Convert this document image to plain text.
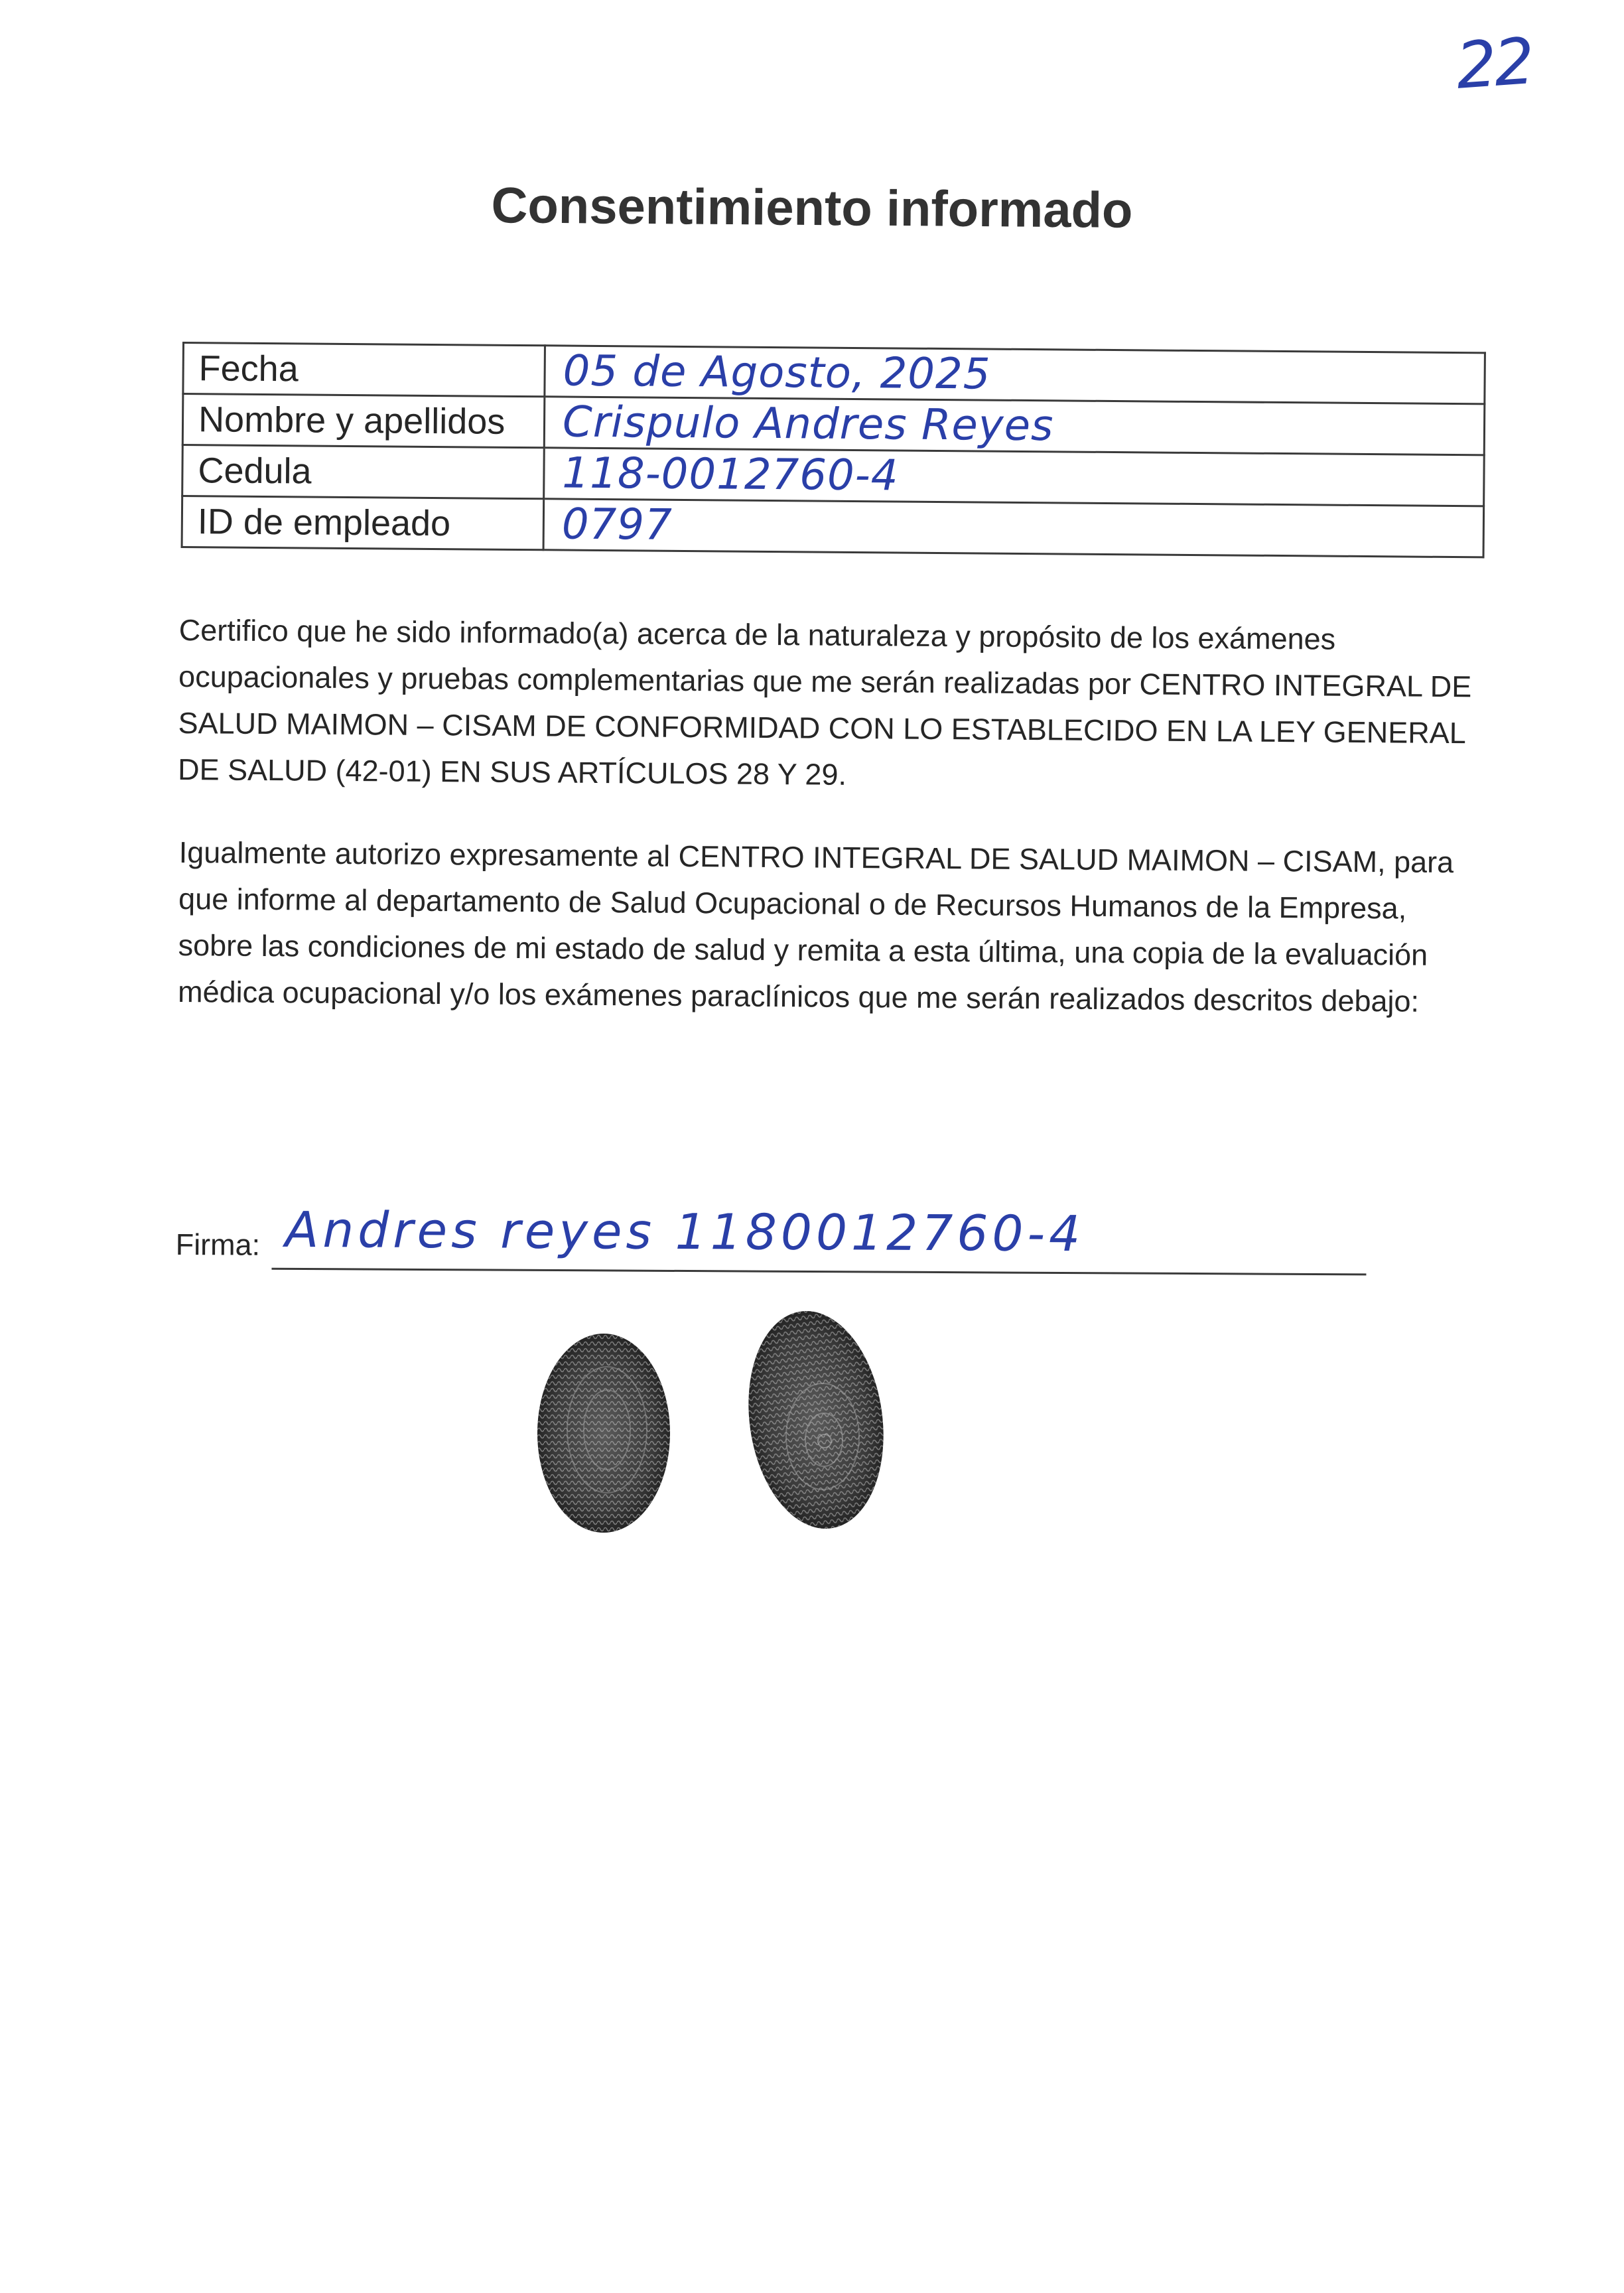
22
Consentimiento informado
Fecha	05 de Agosto, 2025
Nombre y apellidos	Crispulo Andres Reyes
Cedula	118-0012760-4
ID de empleado	0797

Certifico que he sido informado(a) acerca de la naturaleza y propósito de los exámenes ocupacionales y pruebas complementarias que me serán realizadas por CENTRO INTEGRAL DE SALUD MAIMON – CISAM DE CONFORMIDAD CON LO ESTABLECIDO EN LA LEY GENERAL DE SALUD (42-01) EN SUS ARTÍCULOS 28 Y 29.

Igualmente autorizo expresamente al CENTRO INTEGRAL DE SALUD MAIMON – CISAM, para que informe al departamento de Salud Ocupacional o de Recursos Humanos de la Empresa, sobre las condiciones de mi estado de salud y remita a esta última, una copia de la evaluación médica ocupacional y/o los exámenes paraclínicos que me serán realizados descritos debajo:

Firma: Andres reyes 1180012760-4
